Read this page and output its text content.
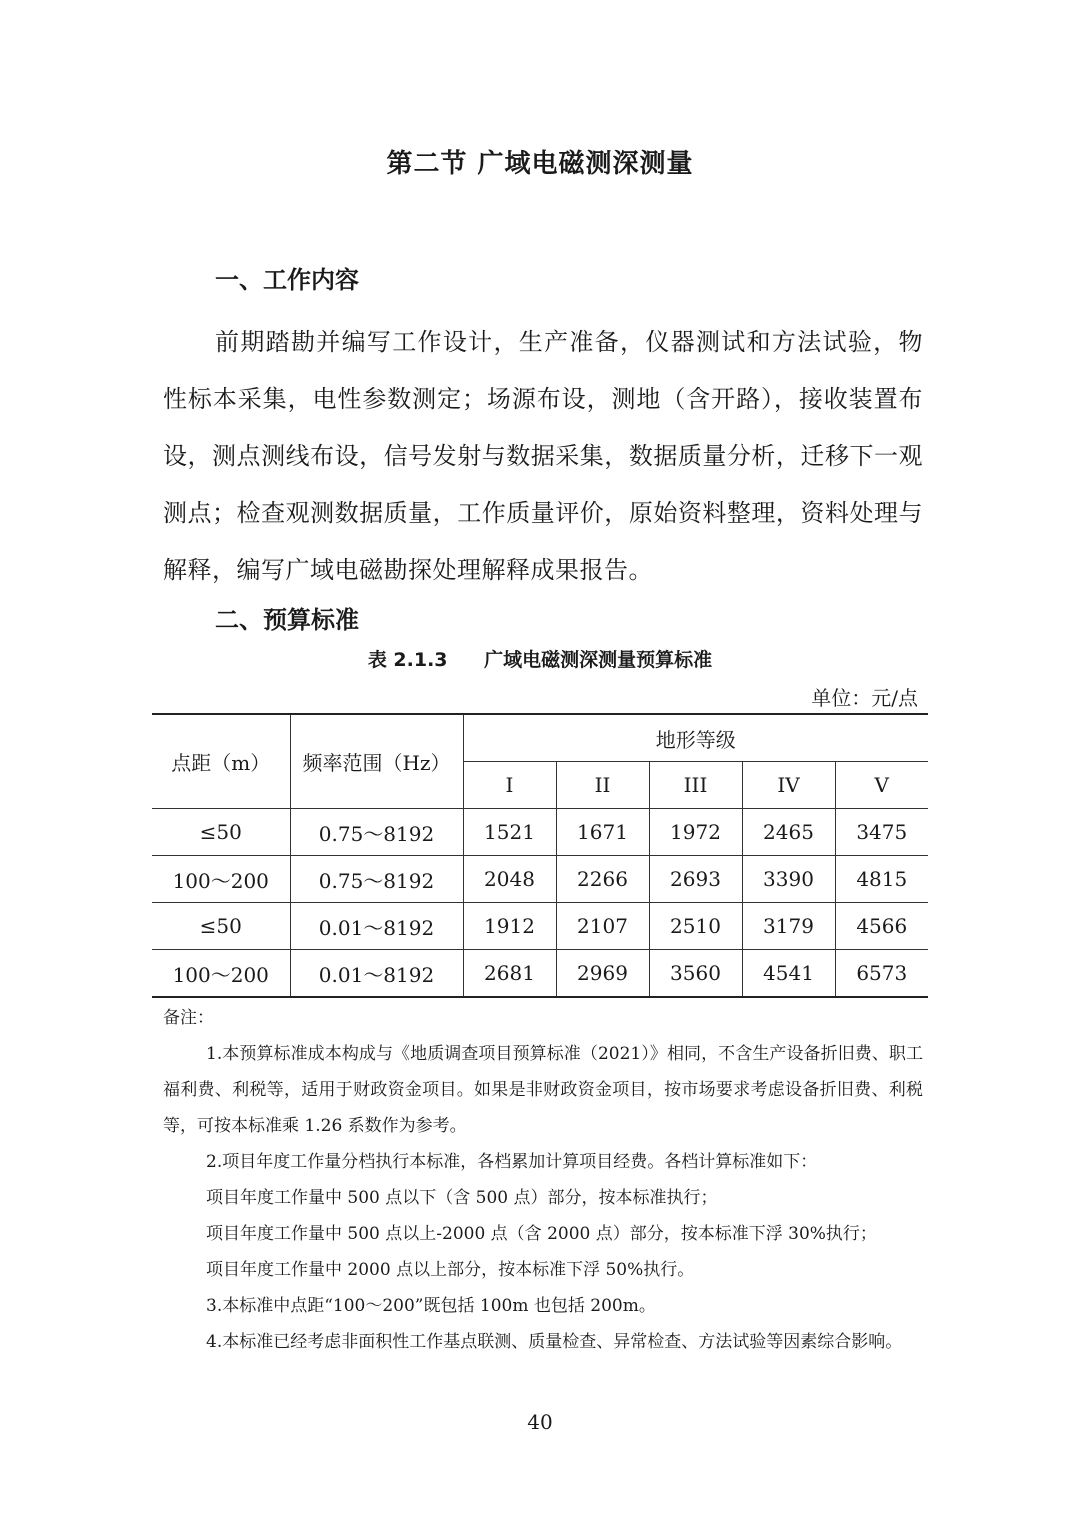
第二节 广域电磁测深测量
一、工作内容
前期踏勘并编写工作设计，生产准备，仪器测试和方法试验，物性标本采集，电性参数测定；场源布设，测地（含开路），接收装置布设，测点测线布设，信号发射与数据采集，数据质量分析，迁移下一观测点；检查观测数据质量，工作质量评价，原始资料整理，资料处理与解释，编写广域电磁勘探处理解释成果报告。
二、预算标准
表 2.1.3 广域电磁测深测量预算标准
单位：元/点
点距（m）	频率范围（Hz）	地形等级				
		I	II	III	IV	V
≤50	0.75～8192	1521	1671	1972	2465	3475
100～200	0.75～8192	2048	2266	2693	3390	4815
≤50	0.01～8192	1912	2107	2510	3179	4566
100～200	0.01～8192	2681	2969	3560	4541	6573
备注：
1.本预算标准成本构成与《地质调查项目预算标准（2021）》相同，不含生产设备折旧费、职工福利费、利税等，适用于财政资金项目。如果是非财政资金项目，按市场要求考虑设备折旧费、利税等，可按本标准乘 1.26 系数作为参考。
2.项目年度工作量分档执行本标准，各档累加计算项目经费。各档计算标准如下：
项目年度工作量中 500 点以下（含 500 点）部分，按本标准执行；
项目年度工作量中 500 点以上-2000 点（含 2000 点）部分，按本标准下浮 30%执行；
项目年度工作量中 2000 点以上部分，按本标准下浮 50%执行。
3.本标准中点距“100～200”既包括 100m 也包括 200m。
4.本标准已经考虑非面积性工作基点联测、质量检查、异常检查、方法试验等因素综合影响。
40
